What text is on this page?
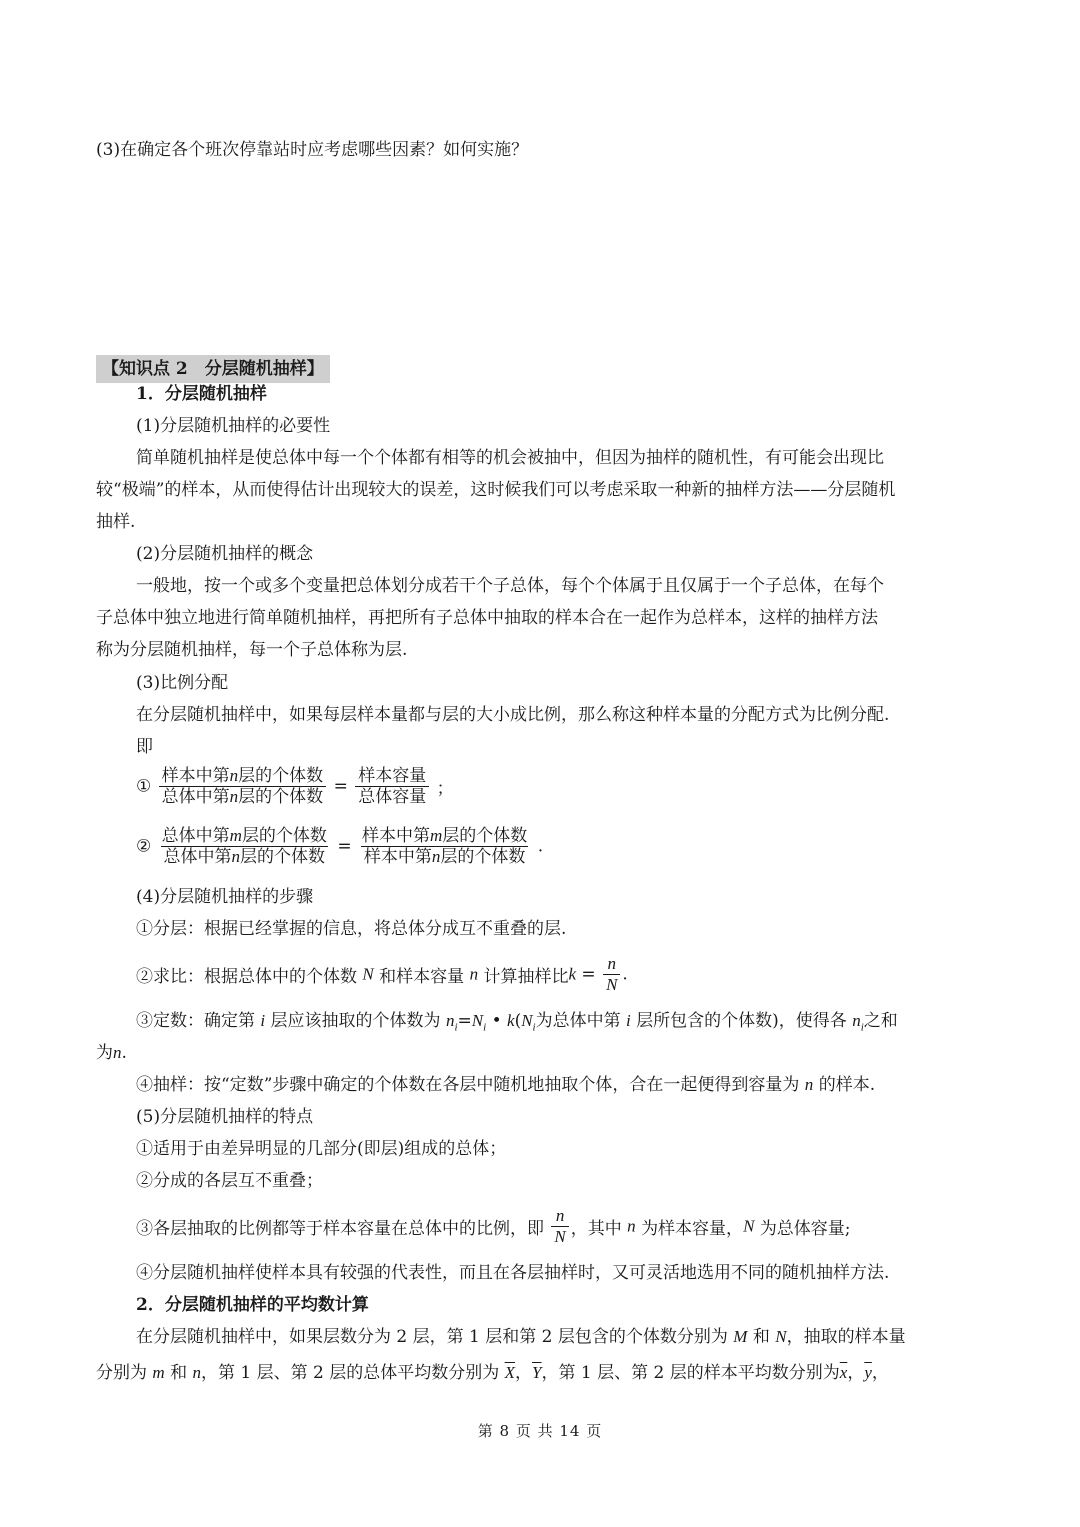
(3)在确定各个班次停靠站时应考虑哪些因素？如何实施？
【知识点 2　分层随机抽样】
1．分层随机抽样
(1)分层随机抽样的必要性
简单随机抽样是使总体中每一个个体都有相等的机会被抽中，但因为抽样的随机性，有可能会出现比
较“极端”的样本，从而使得估计出现较大的误差，这时候我们可以考虑采取一种新的抽样方法——分层随机
抽样.
(2)分层随机抽样的概念
一般地，按一个或多个变量把总体划分成若干个子总体，每个个体属于且仅属于一个子总体，在每个
子总体中独立地进行简单随机抽样，再把所有子总体中抽取的样本合在一起作为总样本，这样的抽样方法
称为分层随机抽样，每一个子总体称为层.
(3)比例分配
在分层随机抽样中，如果每层样本量都与层的大小成比例，那么称这种样本量的分配方式为比例分配.
即
① $\frac{\text{样本中第n层的个体数}}{\text{总体中第n层的个体数}} = \frac{\text{样本容量}}{\text{总体容量}}$ ；
② $\frac{\text{总体中第m层的个体数}}{\text{总体中第n层的个体数}} = \frac{\text{样本中第m层的个体数}}{\text{样本中第n层的个体数}}$ .
(4)分层随机抽样的步骤
①分层：根据已经掌握的信息，将总体分成互不重叠的层.
②求比：根据总体中的个体数 N 和样本容量 n 计算抽样比$k = \frac{n}{N}$ .
③定数：确定第 i 层应该抽取的个体数为 $n_i=N_i$ • $k(N_i$为总体中第 i 层所包含的个体数)，使得各 $n_i$之和
为n.
④抽样：按“定数”步骤中确定的个体数在各层中随机地抽取个体，合在一起便得到容量为 n 的样本.
(5)分层随机抽样的特点
①适用于由差异明显的几部分(即层)组成的总体；
②分成的各层互不重叠；
③各层抽取的比例都等于样本容量在总体中的比例，即 $\frac{n}{N}$ ，其中 n 为样本容量，N 为总体容量;
④分层随机抽样使样本具有较强的代表性，而且在各层抽样时，又可灵活地选用不同的随机抽样方法.
2．分层随机抽样的平均数计算
在分层随机抽样中，如果层数分为 2 层，第 1 层和第 2 层包含的个体数分别为 M 和 N，抽取的样本量
分别为 m 和 n，第 1 层、第 2 层的总体平均数分别为 $\overline{X}$，$\overline{Y}$，第 1 层、第 2 层的样本平均数分别为$\overline{x}$，$\overline{y}$，
第 8 页 共 14 页
